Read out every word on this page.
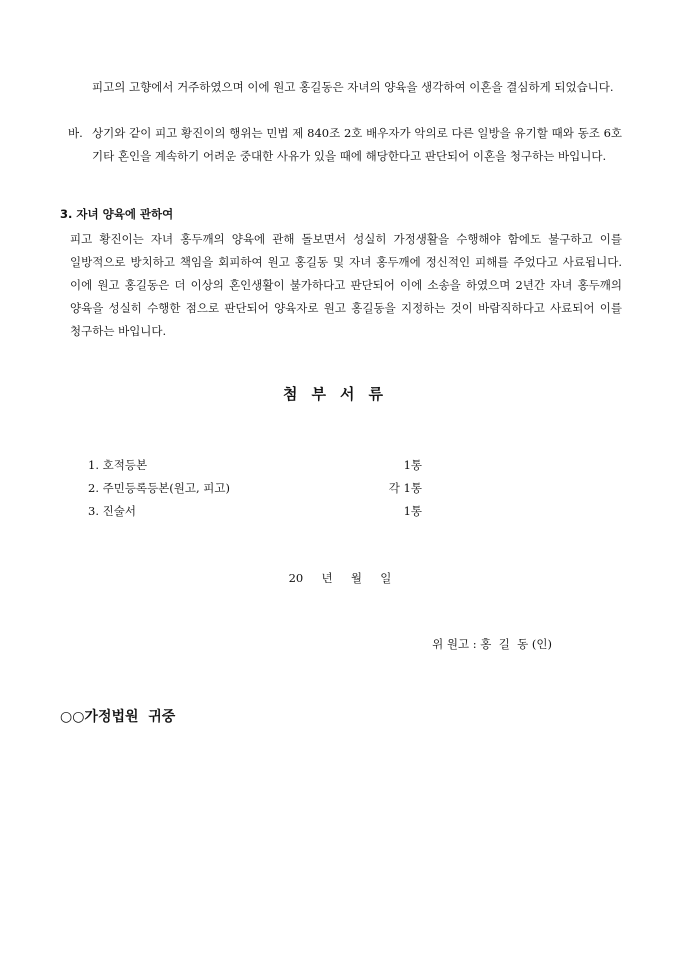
피고의 고향에서 거주하였으며 이에 원고 홍길동은 자녀의 양육을 생각하여 이혼을 결심하게 되었습니다.
바. 상기와 같이 피고 황진이의 행위는 민법 제 840조 2호 배우자가 악의로 다른 일방을 유기할 때와 동조 6호 기타 혼인을 계속하기 어려운 중대한 사유가 있을 때에 해당한다고 판단되어 이혼을 청구하는 바입니다.
3. 자녀 양육에 관하여
피고 황진이는 자녀 홍두깨의 양육에 관해 돌보면서 성실히 가정생활을 수행해야 함에도 불구하고 이를 일방적으로 방치하고 책임을 회피하여 원고 홍길동 및 자녀 홍두깨에 정신적인 피해를 주었다고 사료됩니다. 이에 원고 홍길동은 더 이상의 혼인생활이 불가하다고 판단되어 이에 소송을 하였으며 2년간 자녀 홍두깨의 양육을 성실히 수행한 점으로 판단되어 양육자로 원고 홍길동을 지정하는 것이 바람직하다고 사료되어 이를 청구하는 바입니다.
첨부서류
1. 호적등본	1통
2. 주민등록등본(원고, 피고)	각 1통
3. 진술서	1통
20     년     월     일
위 원고 : 홍  길  동 (인)
○○가정법원  귀중
